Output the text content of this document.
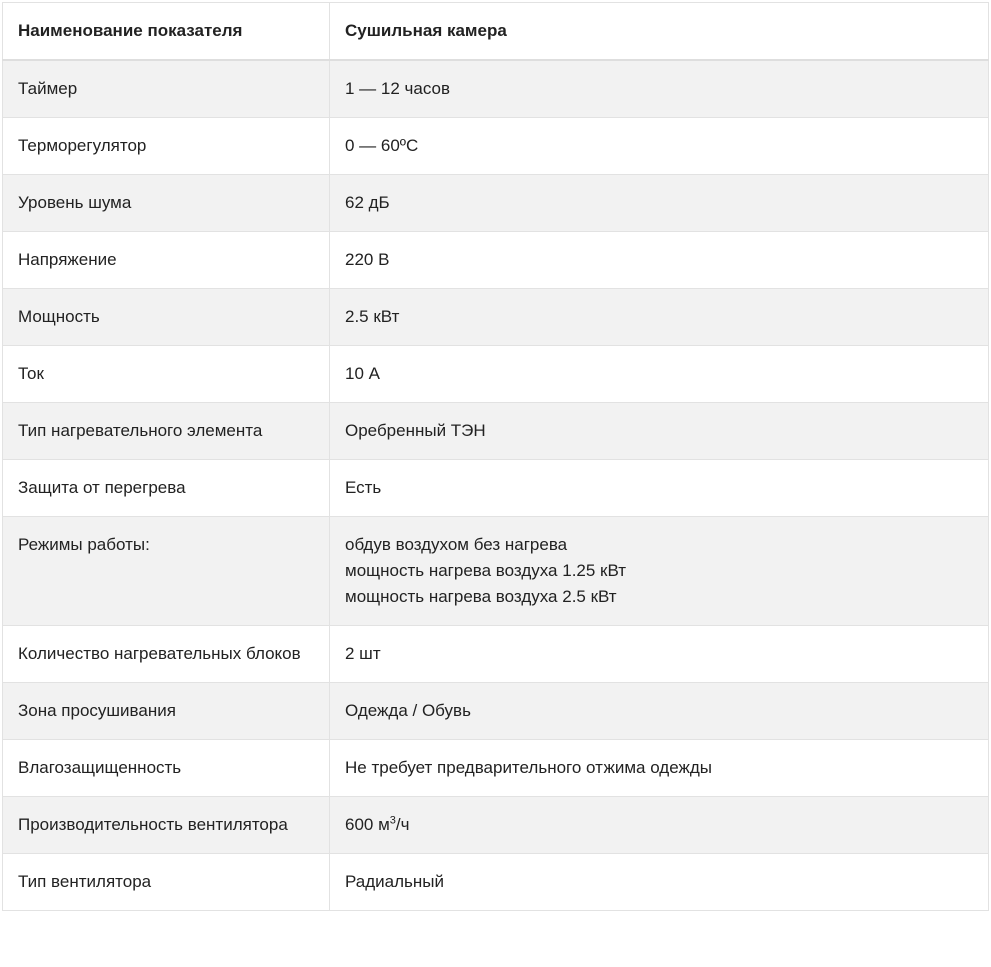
Наименование показателя	Сушильная камера
Таймер	1 — 12 часов
Терморегулятор	0 — 60ºС
Уровень шума	62 дБ
Напряжение	220 В
Мощность	2.5 кВт
Ток	10 А
Тип нагревательного элемента	Оребренный ТЭН
Защита от перегрева	Есть
Режимы работы:	обдув воздухом без нагрева
мощность нагрева воздуха 1.25 кВт
мощность нагрева воздуха 2.5 кВт

Количество нагревательных блоков	2 шт
Зона просушивания	Одежда / Обувь
Влагозащищенность	Не требует предварительного отжима одежды
Производительность вентилятора	600 $м^3/ч$
Тип вентилятора	Радиальный
